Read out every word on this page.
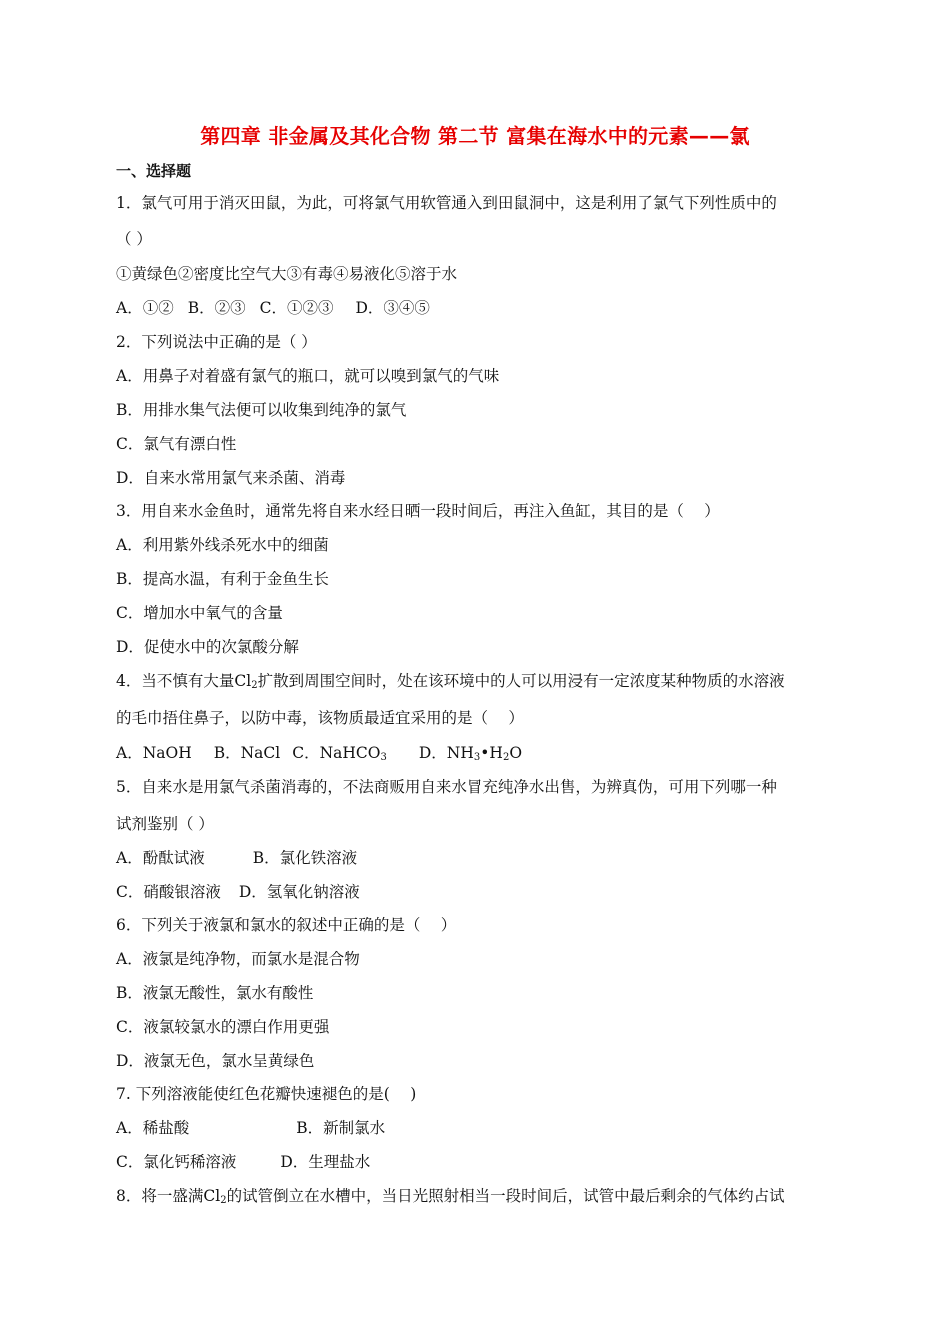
第四章 非金属及其化合物 第二节 富集在海水中的元素——氯
一、选择题
1．氯气可用于消灭田鼠，为此，可将氯气用软管通入到田鼠洞中，这是利用了氯气下列性质中的
（ ）
①黄绿色②密度比空气大③有毒④易液化⑤溶于水
A．①② B．②③ C．①②③ D．③④⑤
2．下列说法中正确的是（ ）
A．用鼻子对着盛有氯气的瓶口，就可以嗅到氯气的气味
B．用排水集气法便可以收集到纯净的氯气
C．氯气有漂白性
D．自来水常用氯气来杀菌、消毒
3．用自来水金鱼时，通常先将自来水经日晒一段时间后，再注入鱼缸，其目的是（　 ）
A．利用紫外线杀死水中的细菌
B．提高水温，有利于金鱼生长
C．增加水中氧气的含量
D．促使水中的次氯酸分解
4．当不慎有大量$Cl_2$扩散到周围空间时，处在该环境中的人可以用浸有一定浓度某种物质的水溶液
的毛巾捂住鼻子，以防中毒，该物质最适宜采用的是（　 ）
A．NaOH B．NaCl C．NaHCO$_3$ D．$NH_3•H_2O$
5．自来水是用氯气杀菌消毒的，不法商贩用自来水冒充纯净水出售，为辨真伪，可用下列哪一种
试剂鉴别（ ）
A．酚酞试液	B．氯化铁溶液
C．硝酸银溶液 D．氢氧化钠溶液
6．下列关于液氯和氯水的叙述中正确的是（　 ）
A．液氯是纯净物，而氯水是混合物
B．液氯无酸性，氯水有酸性
C．液氯较氯水的漂白作用更强
D．液氯无色，氯水呈黄绿色
7. 下列溶液能使红色花瓣快速褪色的是(　 )
A．稀盐酸	B．新制氯水
C．氯化钙稀溶液	D．生理盐水
8．将一盛满$Cl_2$的试管倒立在水槽中，当日光照射相当一段时间后，试管中最后剩余的气体约占试
